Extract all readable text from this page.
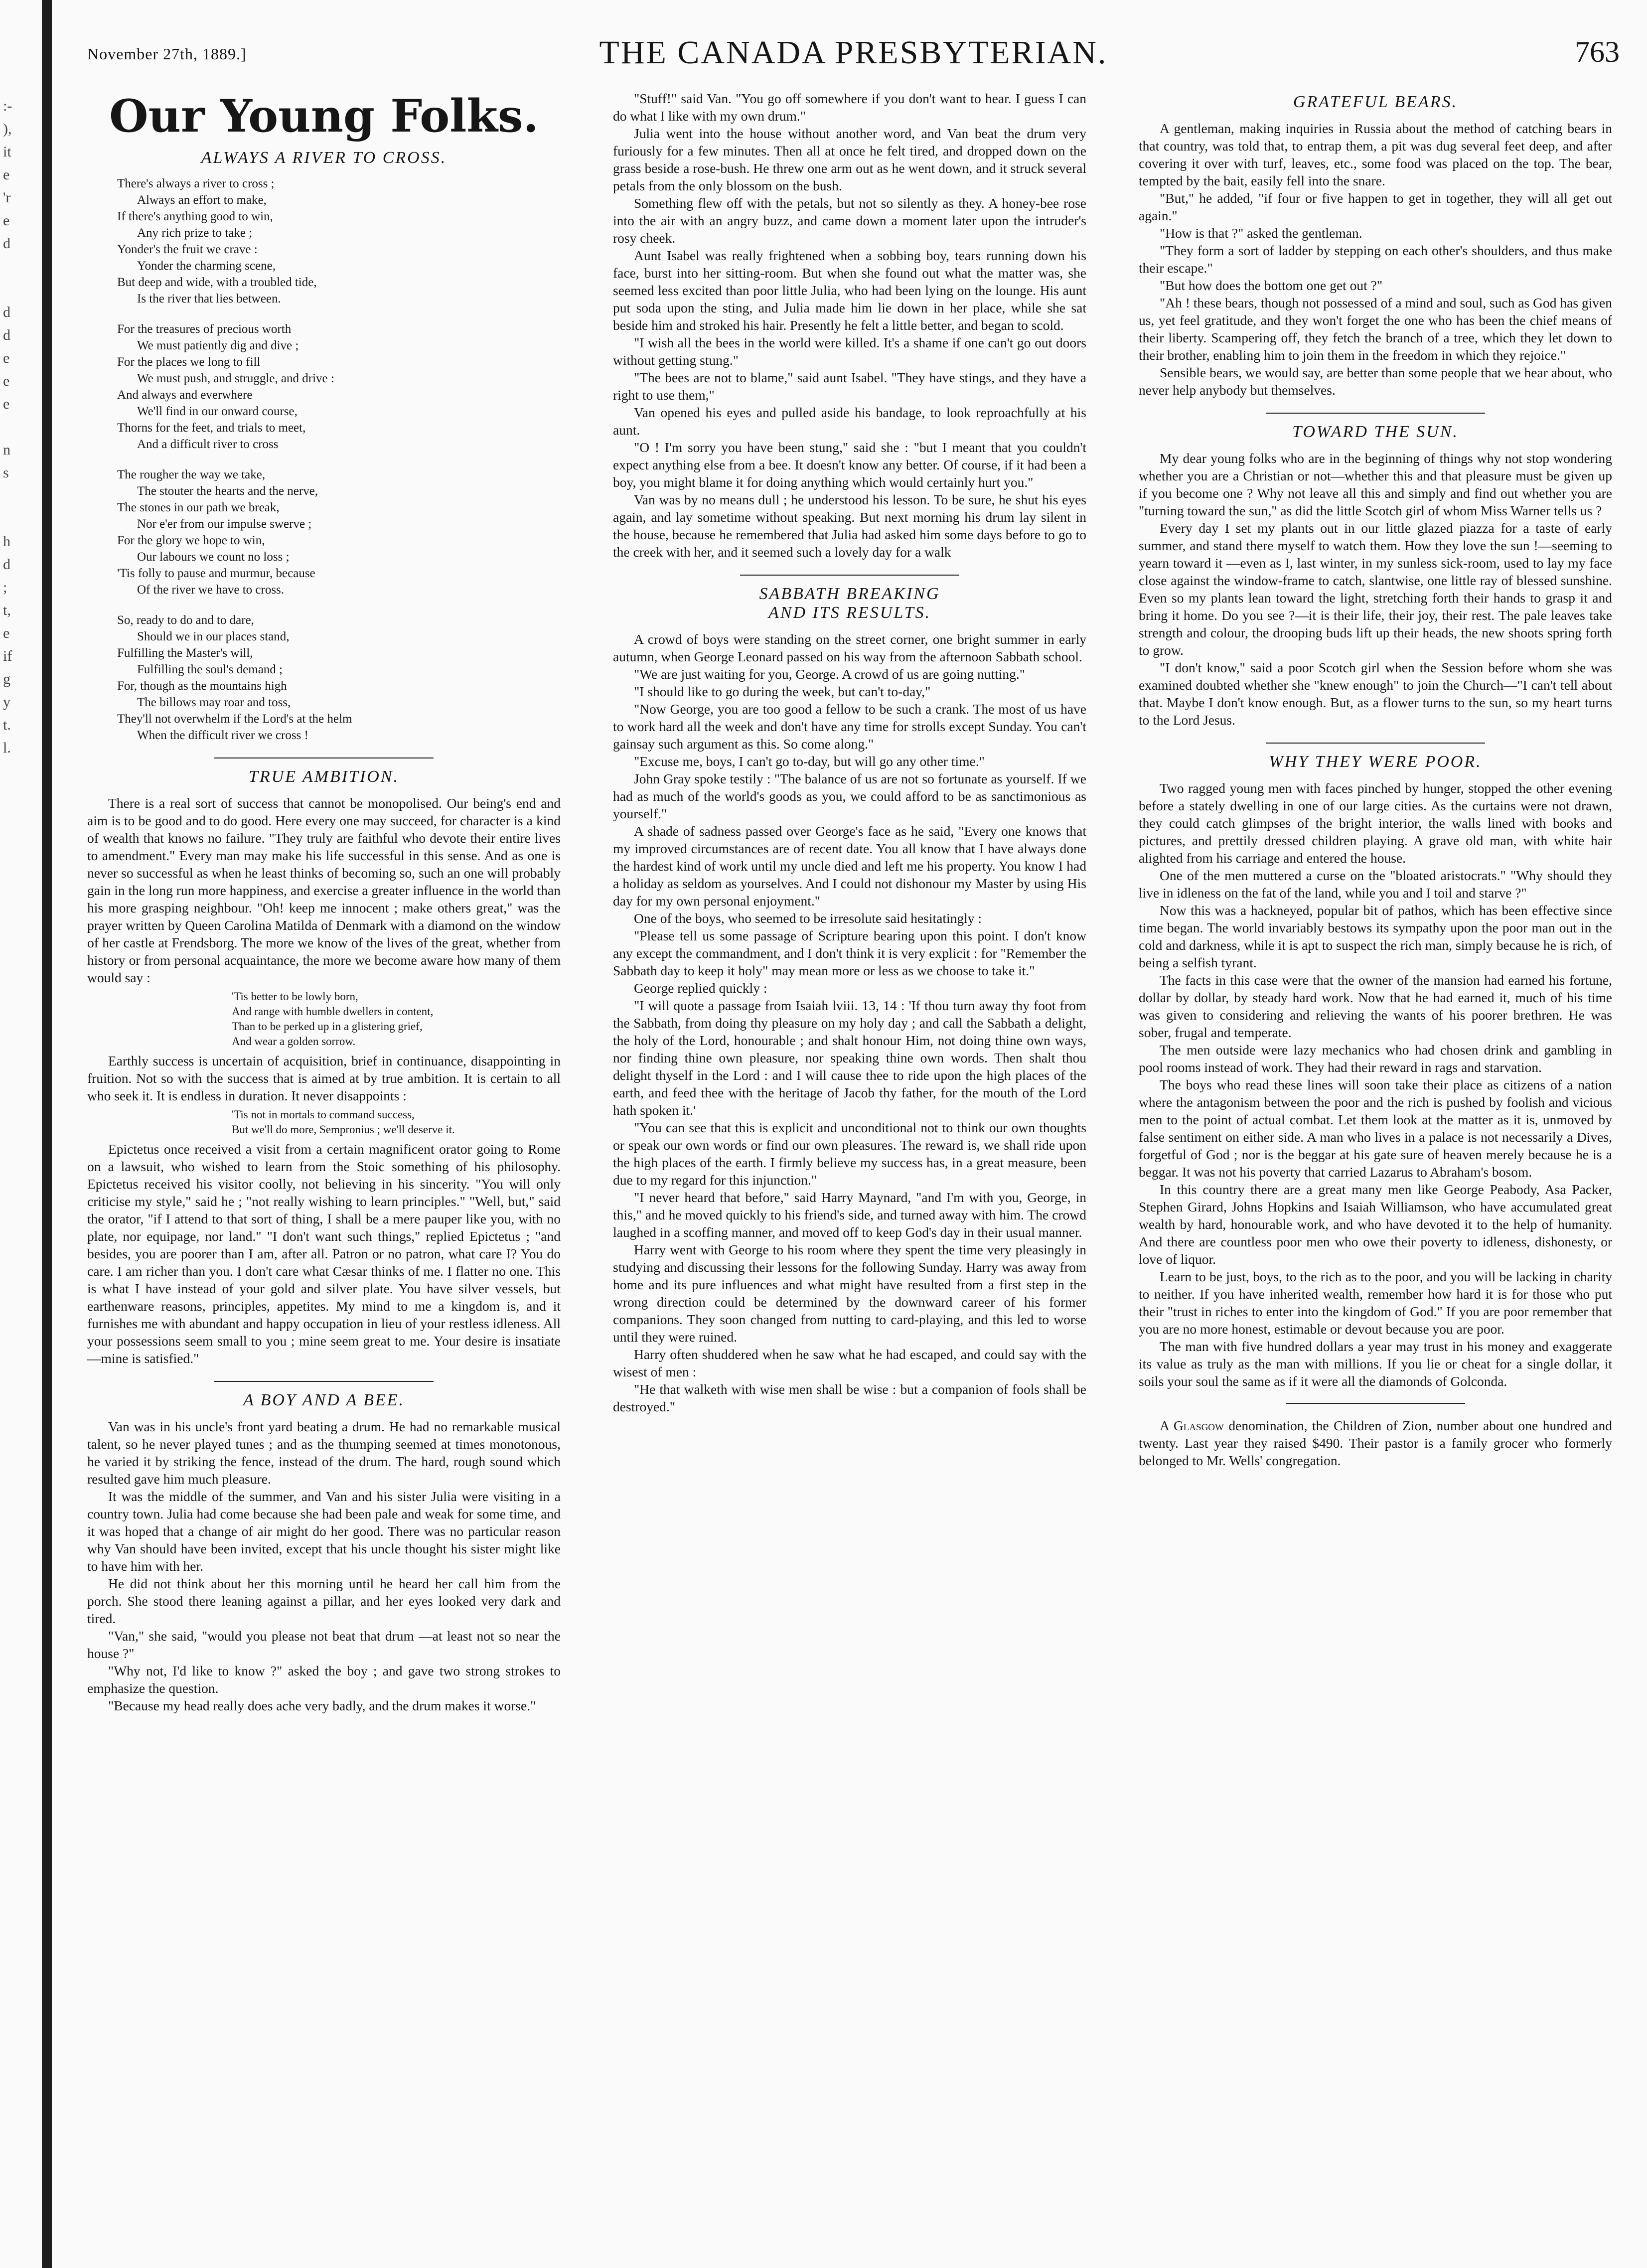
:-
),
it
e
'r
e
d

d
d
e
e
e

n
s

h
d
;
t,
e
if
g
y
t.
l.
November 27th, 1889.]	THE CANADA PRESBYTERIAN.	763
Our Young Folks.
ALWAYS A RIVER TO CROSS.
There's always a river to cross ;
Always an effort to make,
If there's anything good to win,
Any rich prize to take ;
Yonder's the fruit we crave :
Yonder the charming scene,
But deep and wide, with a troubled tide,
Is the river that lies between.
For the treasures of precious worth
We must patiently dig and dive ;
For the places we long to fill
We must push, and struggle, and drive :
And always and everwhere
We'll find in our onward course,
Thorns for the feet, and trials to meet,
And a difficult river to cross
The rougher the way we take,
The stouter the hearts and the nerve,
The stones in our path we break,
Nor e'er from our impulse swerve ;
For the glory we hope to win,
Our labours we count no loss ;
'Tis folly to pause and murmur, because
Of the river we have to cross.
So, ready to do and to dare,
Should we in our places stand,
Fulfilling the Master's will,
Fulfilling the soul's demand ;
For, though as the mountains high
The billows may roar and toss,
They'll not overwhelm if the Lord's at the helm
When the difficult river we cross !
TRUE AMBITION.

There is a real sort of success that cannot be monopolised. Our being's end and aim is to be good and to do good. Here every one may succeed, for character is a kind of wealth that knows no failure. "They truly are faithful who devote their entire lives to amendment." Every man may make his life successful in this sense. And as one is never so successful as when he least thinks of becoming so, such an one will probably gain in the long run more happiness, and exercise a greater influence in the world than his more grasping neighbour. "Oh! keep me innocent ; make others great," was the prayer written by Queen Carolina Matilda of Denmark with a diamond on the window of her castle at Frendsborg. The more we know of the lives of the great, whether from history or from personal acquaintance, the more we become aware how many of them would say :

'Tis better to be lowly born,
And range with humble dwellers in content,
Than to be perked up in a glistering grief,
And wear a golden sorrow.

Earthly success is uncertain of acquisition, brief in continuance, disappointing in fruition. Not so with the success that is aimed at by true ambition. It is certain to all who seek it. It is endless in duration. It never disappoints :

'Tis not in mortals to command success,
But we'll do more, Sempronius ; we'll deserve it.

Epictetus once received a visit from a certain magnificent orator going to Rome on a lawsuit, who wished to learn from the Stoic something of his philosophy. Epictetus received his visitor coolly, not believing in his sincerity. "You will only criticise my style," said he ; "not really wishing to learn principles." "Well, but," said the orator, "if I attend to that sort of thing, I shall be a mere pauper like you, with no plate, nor equipage, nor land." "I don't want such things," replied Epictetus ; "and besides, you are poorer than I am, after all. Patron or no patron, what care I? You do care. I am richer than you. I don't care what Cæsar thinks of me. I flatter no one. This is what I have instead of your gold and silver plate. You have silver vessels, but earthenware reasons, principles, appetites. My mind to me a kingdom is, and it furnishes me with abundant and happy occupation in lieu of your restless idleness. All your possessions seem small to you ; mine seem great to me. Your desire is insatiate—mine is satisfied."

A BOY AND A BEE.

Van was in his uncle's front yard beating a drum. He had no remarkable musical talent, so he never played tunes ; and as the thumping seemed at times monotonous, he varied it by striking the fence, instead of the drum. The hard, rough sound which resulted gave him much pleasure.

It was the middle of the summer, and Van and his sister Julia were visiting in a country town. Julia had come because she had been pale and weak for some time, and it was hoped that a change of air might do her good. There was no particular reason why Van should have been invited, except that his uncle thought his sister might like to have him with her.

He did not think about her this morning until he heard her call him from the porch. She stood there leaning against a pillar, and her eyes looked very dark and tired.

"Van," she said, "would you please not beat that drum —at least not so near the house ?"

"Why not, I'd like to know ?" asked the boy ; and gave two strong strokes to emphasize the question.

"Because my head really does ache very badly, and the drum makes it worse."

"Stuff!" said Van. "You go off somewhere if you don't want to hear. I guess I can do what I like with my own drum."

Julia went into the house without another word, and Van beat the drum very furiously for a few minutes. Then all at once he felt tired, and dropped down on the grass beside a rose-bush. He threw one arm out as he went down, and it struck several petals from the only blossom on the bush.

Something flew off with the petals, but not so silently as they. A honey-bee rose into the air with an angry buzz, and came down a moment later upon the intruder's rosy cheek.

Aunt Isabel was really frightened when a sobbing boy, tears running down his face, burst into her sitting-room. But when she found out what the matter was, she seemed less excited than poor little Julia, who had been lying on the lounge. His aunt put soda upon the sting, and Julia made him lie down in her place, while she sat beside him and stroked his hair. Presently he felt a little better, and began to scold.

"I wish all the bees in the world were killed. It's a shame if one can't go out doors without getting stung."

"The bees are not to blame," said aunt Isabel. "They have stings, and they have a right to use them,"

Van opened his eyes and pulled aside his bandage, to look reproachfully at his aunt.

"O ! I'm sorry you have been stung," said she : "but I meant that you couldn't expect anything else from a bee. It doesn't know any better. Of course, if it had been a boy, you might blame it for doing anything which would certainly hurt you."

Van was by no means dull ; he understood his lesson. To be sure, he shut his eyes again, and lay sometime without speaking. But next morning his drum lay silent in the house, because he remembered that Julia had asked him some days before to go to the creek with her, and it seemed such a lovely day for a walk

SABBATH BREAKING AND ITS RESULTS.

A crowd of boys were standing on the street corner, one bright summer in early autumn, when George Leonard passed on his way from the afternoon Sabbath school.

"We are just waiting for you, George. A crowd of us are going nutting."

"I should like to go during the week, but can't to-day,"

"Now George, you are too good a fellow to be such a crank. The most of us have to work hard all the week and don't have any time for strolls except Sunday. You can't gainsay such argument as this. So come along."

"Excuse me, boys, I can't go to-day, but will go any other time."

John Gray spoke testily : "The balance of us are not so fortunate as yourself. If we had as much of the world's goods as you, we could afford to be as sanctimonious as yourself."

A shade of sadness passed over George's face as he said, "Every one knows that my improved circumstances are of recent date. You all know that I have always done the hardest kind of work until my uncle died and left me his property. You know I had a holiday as seldom as yourselves. And I could not dishonour my Master by using His day for my own personal enjoyment."

One of the boys, who seemed to be irresolute said hesitatingly :

"Please tell us some passage of Scripture bearing upon this point. I don't know any except the commandment, and I don't think it is very explicit : for "Remember the Sabbath day to keep it holy" may mean more or less as we choose to take it."

George replied quickly :

"I will quote a passage from Isaiah lviii. 13, 14 : 'If thou turn away thy foot from the Sabbath, from doing thy pleasure on my holy day ; and call the Sabbath a delight, the holy of the Lord, honourable ; and shalt honour Him, not doing thine own ways, nor finding thine own pleasure, nor speaking thine own words. Then shalt thou delight thyself in the Lord : and I will cause thee to ride upon the high places of the earth, and feed thee with the heritage of Jacob thy father, for the mouth of the Lord hath spoken it.'

"You can see that this is explicit and unconditional not to think our own thoughts or speak our own words or find our own pleasures. The reward is, we shall ride upon the high places of the earth. I firmly believe my success has, in a great measure, been due to my regard for this injunction."

"I never heard that before," said Harry Maynard, "and I'm with you, George, in this," and he moved quickly to his friend's side, and turned away with him. The crowd laughed in a scoffing manner, and moved off to keep God's day in their usual manner.

Harry went with George to his room where they spent the time very pleasingly in studying and discussing their lessons for the following Sunday. Harry was away from home and its pure influences and what might have resulted from a first step in the wrong direction could be determined by the downward career of his former companions. They soon changed from nutting to card-playing, and this led to worse until they were ruined.

Harry often shuddered when he saw what he had escaped, and could say with the wisest of men :

"He that walketh with wise men shall be wise : but a companion of fools shall be destroyed."

GRATEFUL BEARS.

A gentleman, making inquiries in Russia about the method of catching bears in that country, was told that, to entrap them, a pit was dug several feet deep, and after covering it over with turf, leaves, etc., some food was placed on the top. The bear, tempted by the bait, easily fell into the snare.

"But," he added, "if four or five happen to get in together, they will all get out again."

"How is that ?" asked the gentleman.

"They form a sort of ladder by stepping on each other's shoulders, and thus make their escape."

"But how does the bottom one get out ?"

"Ah ! these bears, though not possessed of a mind and soul, such as God has given us, yet feel gratitude, and they won't forget the one who has been the chief means of their liberty. Scampering off, they fetch the branch of a tree, which they let down to their brother, enabling him to join them in the freedom in which they rejoice."

Sensible bears, we would say, are better than some people that we hear about, who never help anybody but themselves.

TOWARD THE SUN.

My dear young folks who are in the beginning of things why not stop wondering whether you are a Christian or not—whether this and that pleasure must be given up if you become one ? Why not leave all this and simply and find out whether you are "turning toward the sun," as did the little Scotch girl of whom Miss Warner tells us ?

Every day I set my plants out in our little glazed piazza for a taste of early summer, and stand there myself to watch them. How they love the sun !—seeming to yearn toward it —even as I, last winter, in my sunless sick-room, used to lay my face close against the window-frame to catch, slantwise, one little ray of blessed sunshine. Even so my plants lean toward the light, stretching forth their hands to grasp it and bring it home. Do you see ?—it is their life, their joy, their rest. The pale leaves take strength and colour, the drooping buds lift up their heads, the new shoots spring forth to grow.

"I don't know," said a poor Scotch girl when the Session before whom she was examined doubted whether she "knew enough" to join the Church—"I can't tell about that. Maybe I don't know enough. But, as a flower turns to the sun, so my heart turns to the Lord Jesus.

WHY THEY WERE POOR.

Two ragged young men with faces pinched by hunger, stopped the other evening before a stately dwelling in one of our large cities. As the curtains were not drawn, they could catch glimpses of the bright interior, the walls lined with books and pictures, and prettily dressed children playing. A grave old man, with white hair alighted from his carriage and entered the house.

One of the men muttered a curse on the "bloated aristocrats." "Why should they live in idleness on the fat of the land, while you and I toil and starve ?"

Now this was a hackneyed, popular bit of pathos, which has been effective since time began. The world invariably bestows its sympathy upon the poor man out in the cold and darkness, while it is apt to suspect the rich man, simply because he is rich, of being a selfish tyrant.

The facts in this case were that the owner of the mansion had earned his fortune, dollar by dollar, by steady hard work. Now that he had earned it, much of his time was given to considering and relieving the wants of his poorer brethren. He was sober, frugal and temperate.

The men outside were lazy mechanics who had chosen drink and gambling in pool rooms instead of work. They had their reward in rags and starvation.

The boys who read these lines will soon take their place as citizens of a nation where the antagonism between the poor and the rich is pushed by foolish and vicious men to the point of actual combat. Let them look at the matter as it is, unmoved by false sentiment on either side. A man who lives in a palace is not necessarily a Dives, forgetful of God ; nor is the beggar at his gate sure of heaven merely because he is a beggar. It was not his poverty that carried Lazarus to Abraham's bosom.

In this country there are a great many men like George Peabody, Asa Packer, Stephen Girard, Johns Hopkins and Isaiah Williamson, who have accumulated great wealth by hard, honourable work, and who have devoted it to the help of humanity. And there are countless poor men who owe their poverty to idleness, dishonesty, or love of liquor.

Learn to be just, boys, to the rich as to the poor, and you will be lacking in charity to neither. If you have inherited wealth, remember how hard it is for those who put their "trust in riches to enter into the kingdom of God." If you are poor remember that you are no more honest, estimable or devout because you are poor.

The man with five hundred dollars a year may trust in his money and exaggerate its value as truly as the man with millions. If you lie or cheat for a single dollar, it soils your soul the same as if it were all the diamonds of Golconda.

A Glasgow denomination, the Children of Zion, number about one hundred and twenty. Last year they raised $490. Their pastor is a family grocer who formerly belonged to Mr. Wells' congregation.
